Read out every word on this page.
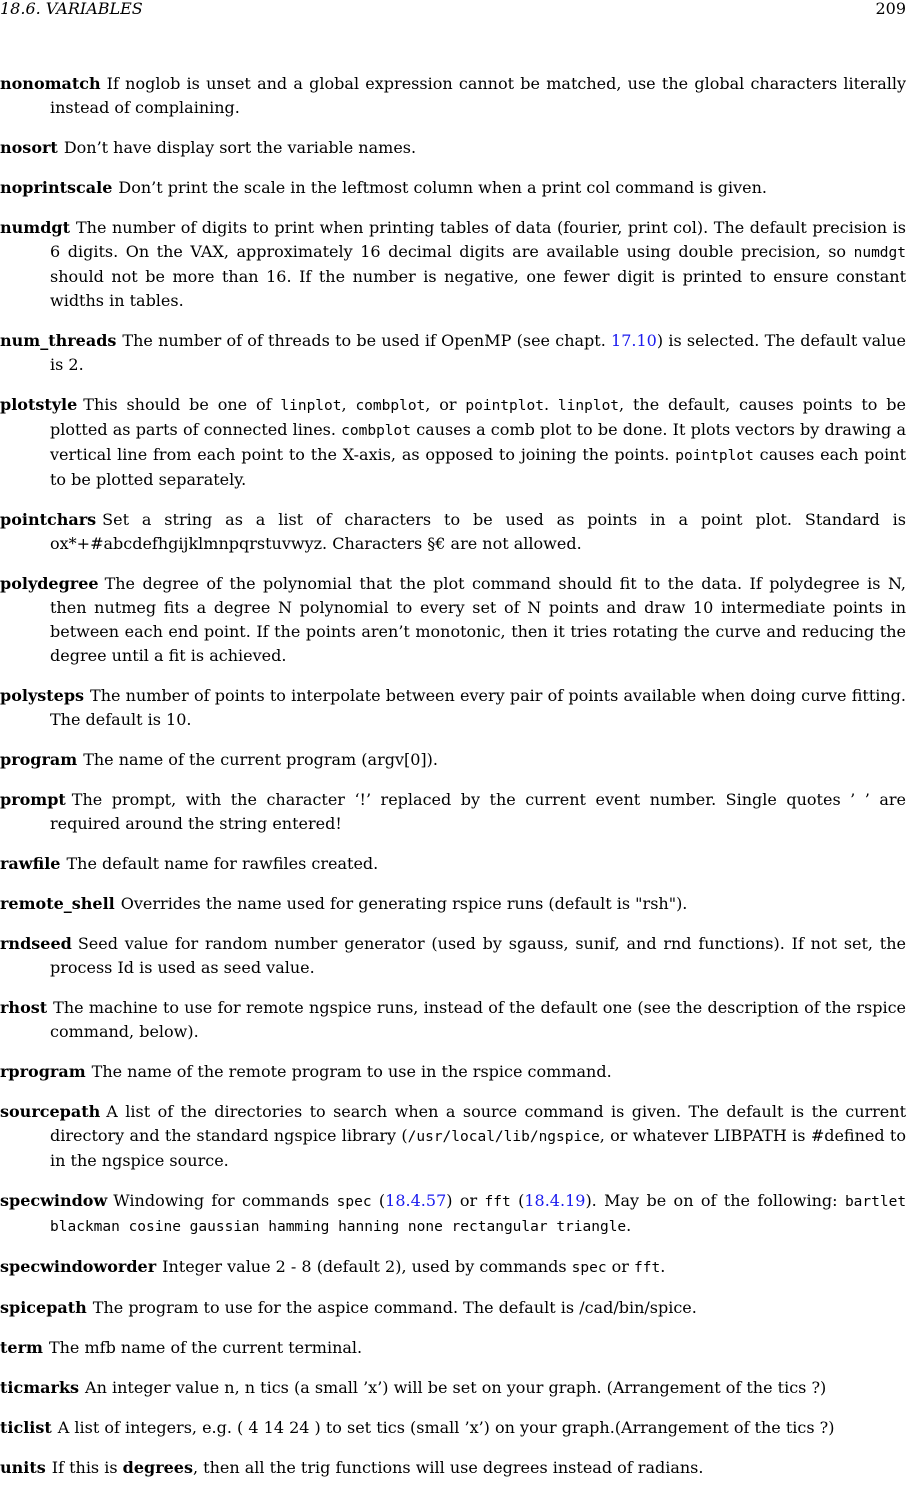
18.6. VARIABLES	209

nonomatch If noglob is unset and a global expression cannot be matched, use the global characters literally instead of complaining.

nosort Don’t have display sort the variable names.

noprintscale Don’t print the scale in the leftmost column when a print col command is given.

numdgt The number of digits to print when printing tables of data (fourier, print col). The default precision is 6 digits. On the VAX, approximately 16 decimal digits are available using double precision, so numdgt should not be more than 16. If the number is negative, one fewer digit is printed to ensure constant widths in tables.

num_threads The number of of threads to be used if OpenMP (see chapt. 17.10) is selected. The default value is 2.

plotstyle This should be one of linplot, combplot, or pointplot. linplot, the default, causes points to be plotted as parts of connected lines. combplot causes a comb plot to be done. It plots vectors by drawing a vertical line from each point to the X-axis, as opposed to joining the points. pointplot causes each point to be plotted separately.

pointchars Set a string as a list of characters to be used as points in a point plot. Standard is ox*+#abcdefhgijklmnpqrstuvwyz. Characters §€ are not allowed.

polydegree The degree of the polynomial that the plot command should fit to the data. If polydegree is N, then nutmeg fits a degree N polynomial to every set of N points and draw 10 intermediate points in between each end point. If the points aren’t monotonic, then it tries rotating the curve and reducing the degree until a fit is achieved.

polysteps The number of points to interpolate between every pair of points available when doing curve fitting. The default is 10.

program The name of the current program (argv[0]).

prompt The prompt, with the character ‘!’ replaced by the current event number. Single quotes ’ ’ are required around the string entered!

rawfile The default name for rawfiles created.

remote_shell Overrides the name used for generating rspice runs (default is "rsh").

rndseed Seed value for random number generator (used by sgauss, sunif, and rnd functions). If not set, the process Id is used as seed value.

rhost The machine to use for remote ngspice runs, instead of the default one (see the description of the rspice command, below).

rprogram The name of the remote program to use in the rspice command.

sourcepath A list of the directories to search when a source command is given. The default is the current directory and the standard ngspice library (/usr/local/lib/ngspice, or whatever LIBPATH is #defined to in the ngspice source.

specwindow Windowing for commands spec (18.4.57) or fft (18.4.19). May be on of the following: bartlet blackman cosine gaussian hamming hanning none rectangular triangle.

specwindoworder Integer value 2 - 8 (default 2), used by commands spec or fft.

spicepath The program to use for the aspice command. The default is /cad/bin/spice.

term The mfb name of the current terminal.

ticmarks An integer value n, n tics (a small ’x’) will be set on your graph. (Arrangement of the tics ?)

ticlist A list of integers, e.g. ( 4 14 24 ) to set tics (small ’x’) on your graph.(Arrangement of the tics ?)

units If this is degrees, then all the trig functions will use degrees instead of radians.
